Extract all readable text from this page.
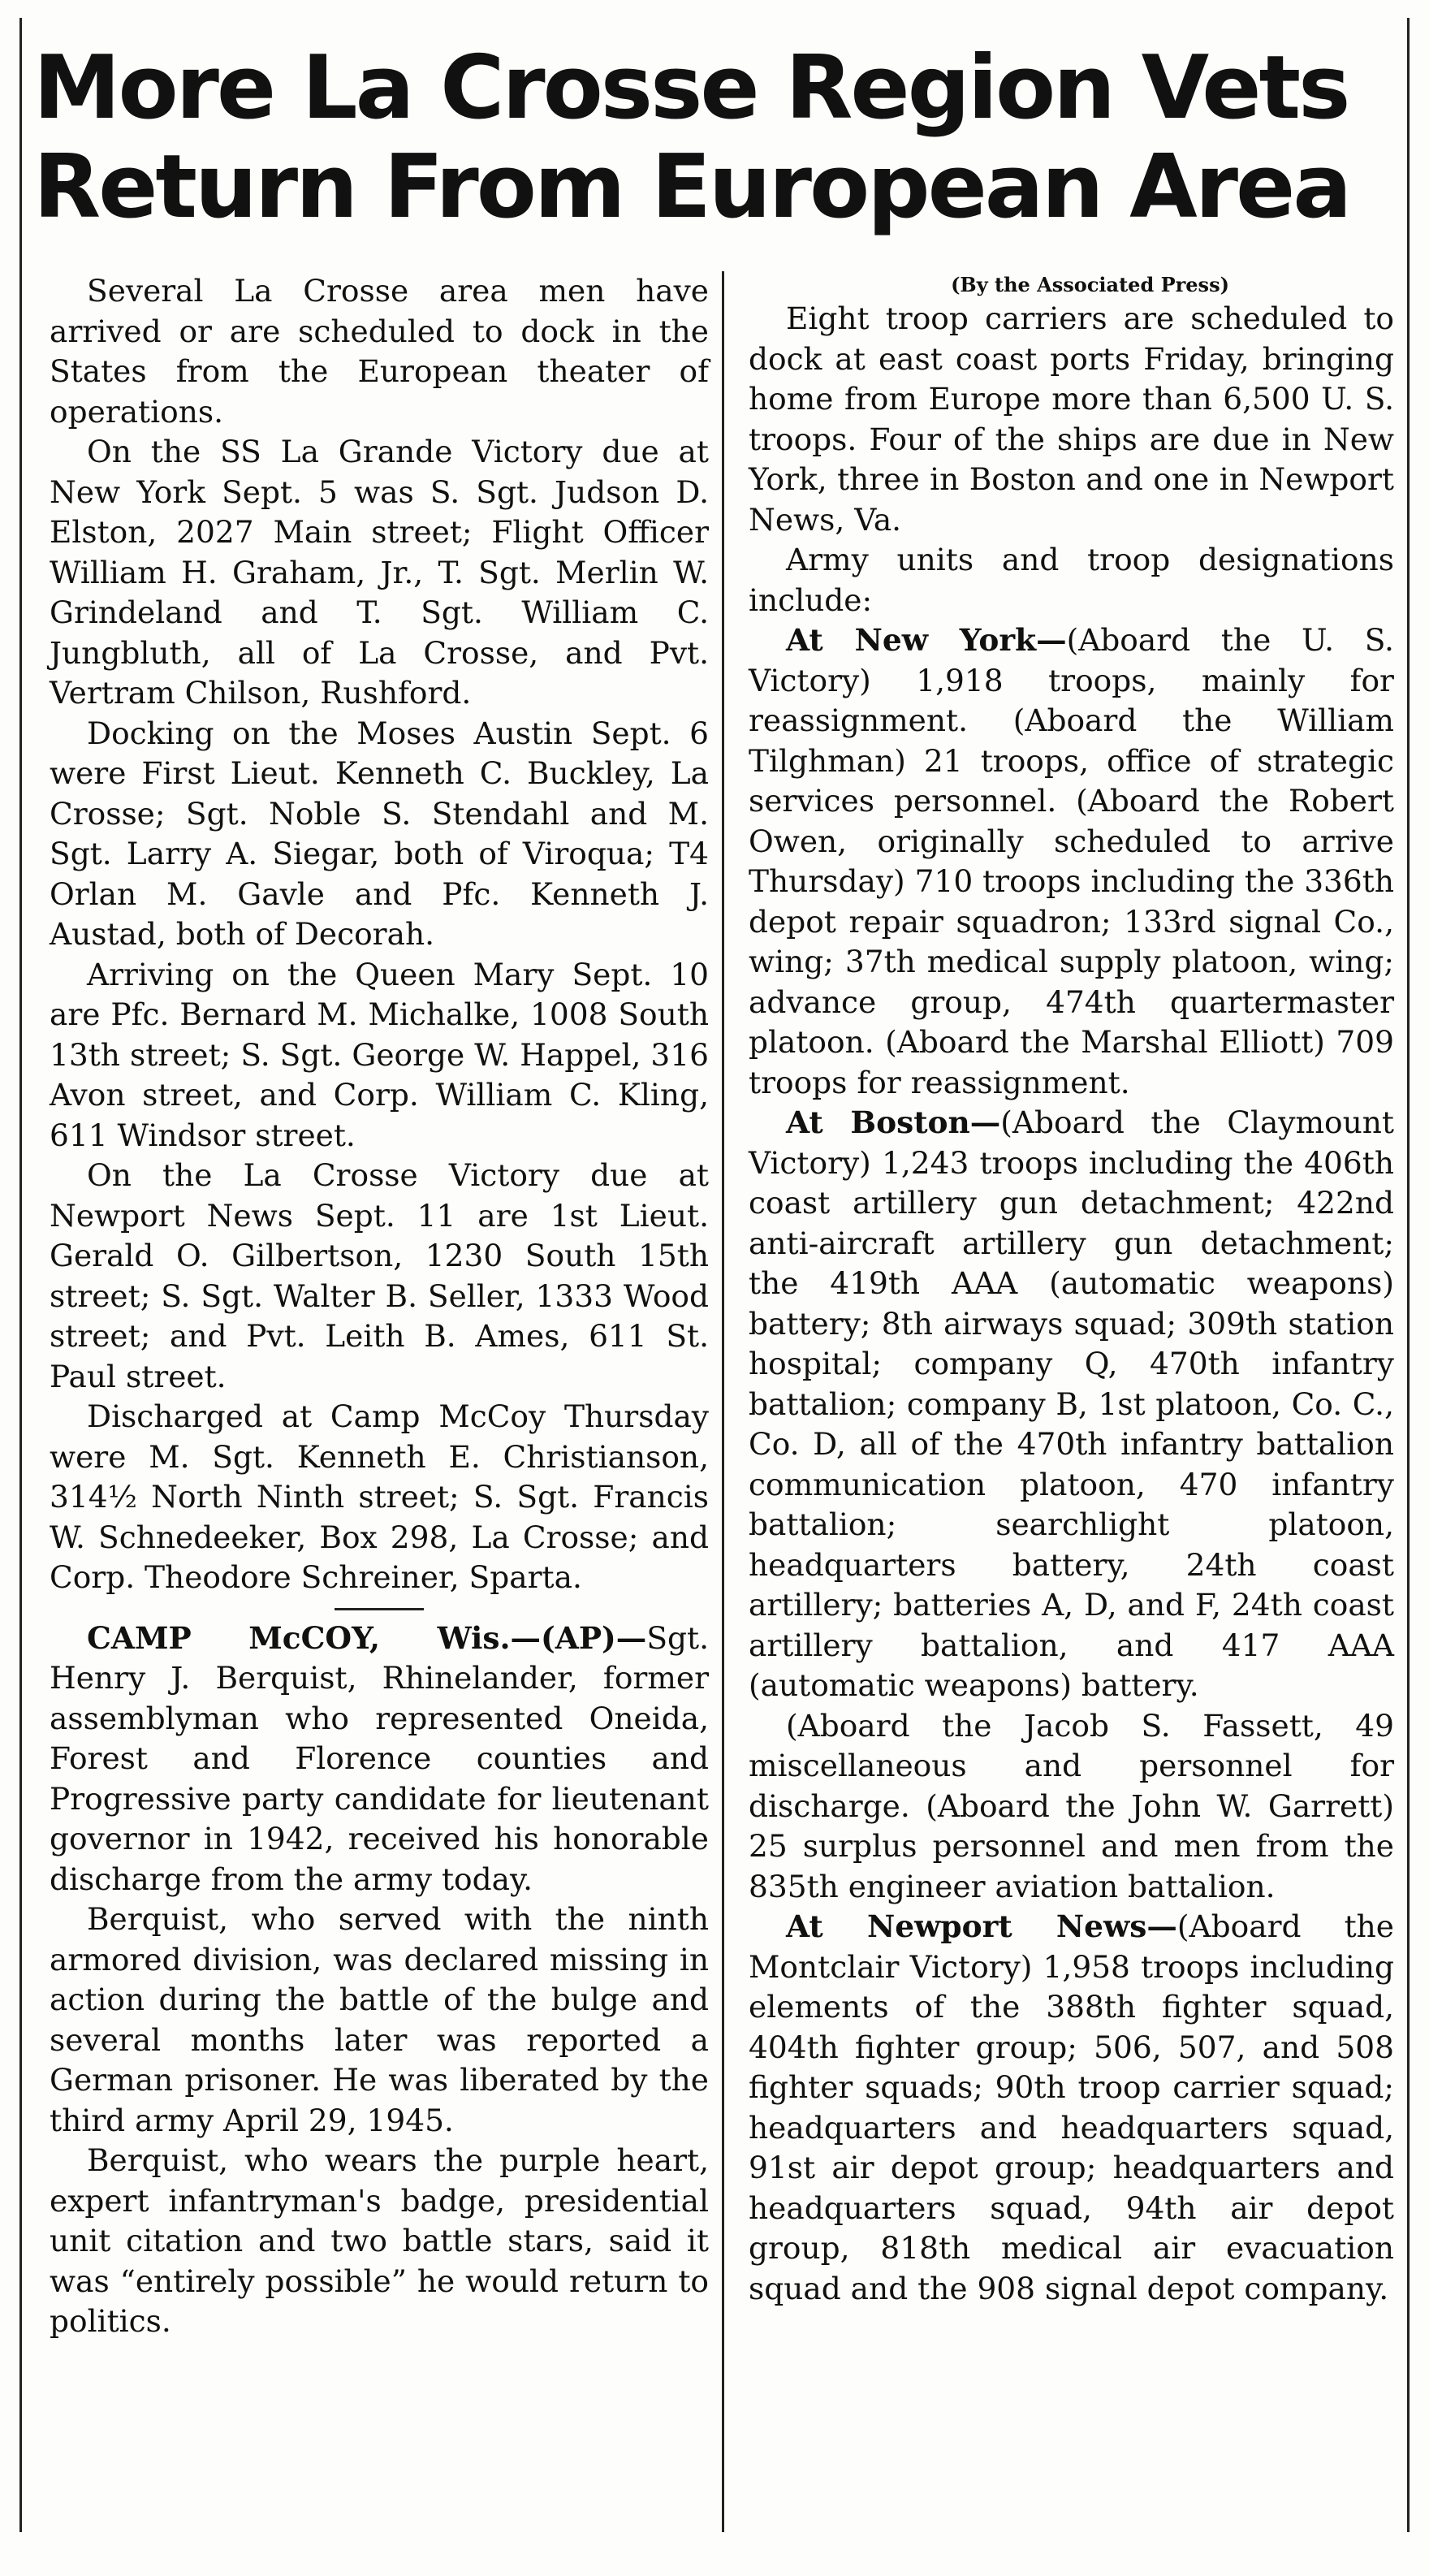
More La Crosse Region Vets
Return From European Area

Several La Crosse area men have arrived or are scheduled to dock in the States from the European theater of operations.

On the SS La Grande Victory due at New York Sept. 5 was S. Sgt. Judson D. Elston, 2027 Main street; Flight Officer William H. Graham, Jr., T. Sgt. Merlin W. Grindeland and T. Sgt. William C. Jungbluth, all of La Crosse, and Pvt. Vertram Chilson, Rushford.

Docking on the Moses Austin Sept. 6 were First Lieut. Kenneth C. Buckley, La Crosse; Sgt. Noble S. Stendahl and M. Sgt. Larry A. Siegar, both of Viroqua; T4 Orlan M. Gavle and Pfc. Kenneth J. Austad, both of Decorah.

Arriving on the Queen Mary Sept. 10 are Pfc. Bernard M. Michalke, 1008 South 13th street; S. Sgt. George W. Happel, 316 Avon street, and Corp. William C. Kling, 611 Windsor street.

On the La Crosse Victory due at Newport News Sept. 11 are 1st Lieut. Gerald O. Gilbertson, 1230 South 15th street; S. Sgt. Walter B. Seller, 1333 Wood street; and Pvt. Leith B. Ames, 611 St. Paul street.

Discharged at Camp McCoy Thursday were M. Sgt. Kenneth E. Christianson, 314½ North Ninth street; S. Sgt. Francis W. Schnedeeker, Box 298, La Crosse; and Corp. Theodore Schreiner, Sparta.

CAMP McCOY, Wis.—(AP)—Sgt. Henry J. Berquist, Rhinelander, former assemblyman who represented Oneida, Forest and Florence counties and Progressive party candidate for lieutenant governor in 1942, received his honorable discharge from the army today.

Berquist, who served with the ninth armored division, was declared missing in action during the battle of the bulge and several months later was reported a German prisoner. He was liberated by the third army April 29, 1945.

Berquist, who wears the purple heart, expert infantryman's badge, presidential unit citation and two battle stars, said it was “entirely possible” he would return to politics.

(By the Associated Press)

Eight troop carriers are scheduled to dock at east coast ports Friday, bringing home from Europe more than 6,500 U. S. troops. Four of the ships are due in New York, three in Boston and one in Newport News, Va.

Army units and troop designations include:

At New York—(Aboard the U. S. Victory) 1,918 troops, mainly for reassignment. (Aboard the William Tilghman) 21 troops, office of strategic services personnel. (Aboard the Robert Owen, originally scheduled to arrive Thursday) 710 troops including the 336th depot repair squadron; 133rd signal Co., wing; 37th medical supply platoon, wing; advance group, 474th quartermaster platoon. (Aboard the Marshal Elliott) 709 troops for reassignment.

At Boston—(Aboard the Claymount Victory) 1,243 troops including the 406th coast artillery gun detachment; 422nd anti-aircraft artillery gun detachment; the 419th AAA (automatic weapons) battery; 8th airways squad; 309th station hospital; company Q, 470th infantry battalion; company B, 1st platoon, Co. C., Co. D, all of the 470th infantry battalion communication platoon, 470 infantry battalion; searchlight platoon, headquarters battery, 24th coast artillery; batteries A, D, and F, 24th coast artillery battalion, and 417 AAA (automatic weapons) battery.

(Aboard the Jacob S. Fassett, 49 miscellaneous and personnel for discharge. (Aboard the John W. Garrett) 25 surplus personnel and men from the 835th engineer aviation battalion.

At Newport News—(Aboard the Montclair Victory) 1,958 troops including elements of the 388th fighter squad, 404th fighter group; 506, 507, and 508 fighter squads; 90th troop carrier squad; headquarters and headquarters squad, 91st air depot group; headquarters and headquarters squad, 94th air depot group, 818th medical air evacuation squad and the 908 signal depot company.
